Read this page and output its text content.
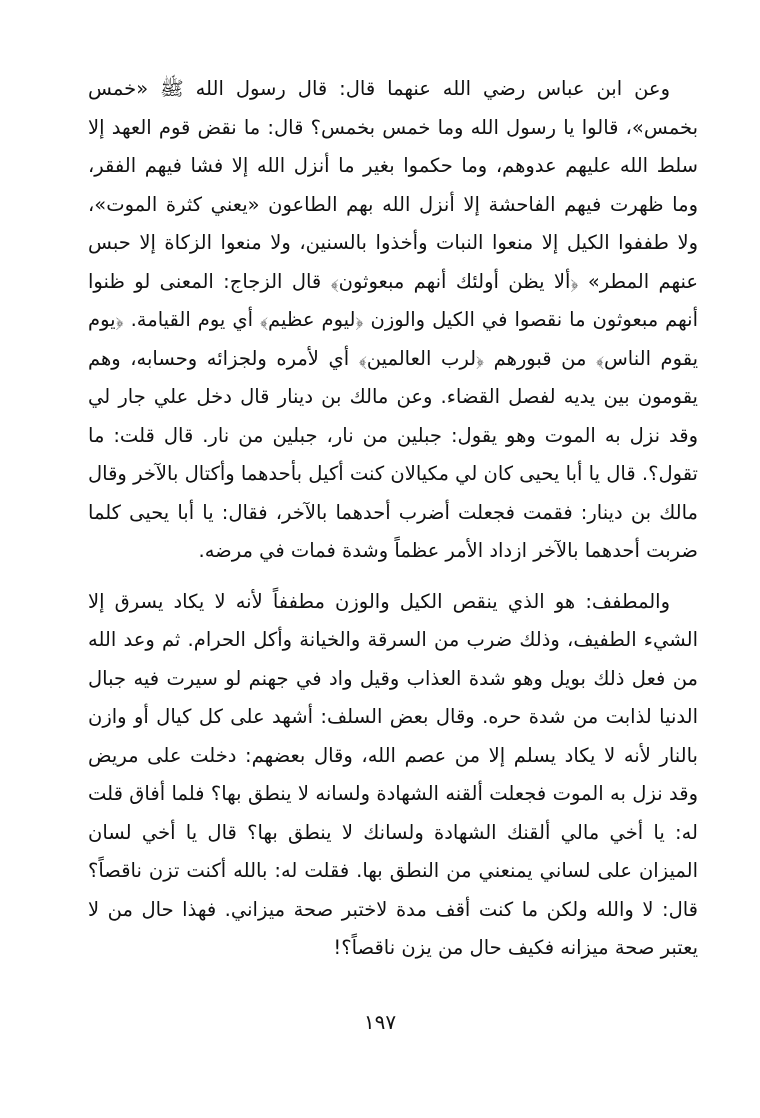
وعن ابن عباس رضي الله عنهما قال: قال رسول الله ﷺ «خمس بخمس»، قالوا يا رسول الله وما خمس بخمس؟ قال: ما نقض قوم العهد إلا سلط الله عليهم عدوهم، وما حكموا بغير ما أنزل الله إلا فشا فيهم الفقر، وما ظهرت فيهم الفاحشة إلا أنزل الله بهم الطاعون «يعني كثرة الموت»، ولا طففوا الكيل إلا منعوا النبات وأخذوا بالسنين، ولا منعوا الزكاة إلا حبس عنهم المطر» ﴿ألا يظن أولئك أنهم مبعوثون﴾ قال الزجاج: المعنى لو ظنوا أنهم مبعوثون ما نقصوا في الكيل والوزن ﴿ليوم عظيم﴾ أي يوم القيامة. ﴿يوم يقوم الناس﴾ من قبورهم ﴿لرب العالمين﴾ أي لأمره ولجزائه وحسابه، وهم يقومون بين يديه لفصل القضاء. وعن مالك بن دينار قال دخل علي جار لي وقد نزل به الموت وهو يقول: جبلين من نار، جبلين من نار. قال قلت: ما تقول؟. قال يا أبا يحيى كان لي مكيالان كنت أكيل بأحدهما وأكتال بالآخر وقال مالك بن دينار: فقمت فجعلت أضرب أحدهما بالآخر، فقال: يا أبا يحيى كلما ضربت أحدهما بالآخر ازداد الأمر عظماً وشدة فمات في مرضه.

والمطفف: هو الذي ينقص الكيل والوزن مطففاً لأنه لا يكاد يسرق إلا الشيء الطفيف، وذلك ضرب من السرقة والخيانة وأكل الحرام. ثم وعد الله من فعل ذلك بويل وهو شدة العذاب وقيل واد في جهنم لو سيرت فيه جبال الدنيا لذابت من شدة حره. وقال بعض السلف: أشهد على كل كيال أو وازن بالنار لأنه لا يكاد يسلم إلا من عصم الله، وقال بعضهم: دخلت على مريض وقد نزل به الموت فجعلت ألقنه الشهادة ولسانه لا ينطق بها؟ فلما أفاق قلت له: يا أخي مالي ألقنك الشهادة ولسانك لا ينطق بها؟ قال يا أخي لسان الميزان على لساني يمنعني من النطق بها. فقلت له: بالله أكنت تزن ناقصاً؟ قال: لا والله ولكن ما كنت أقف مدة لاختبر صحة ميزاني. فهذا حال من لا يعتبر صحة ميزانه فكيف حال من يزن ناقصاً؟!

١٩٧
